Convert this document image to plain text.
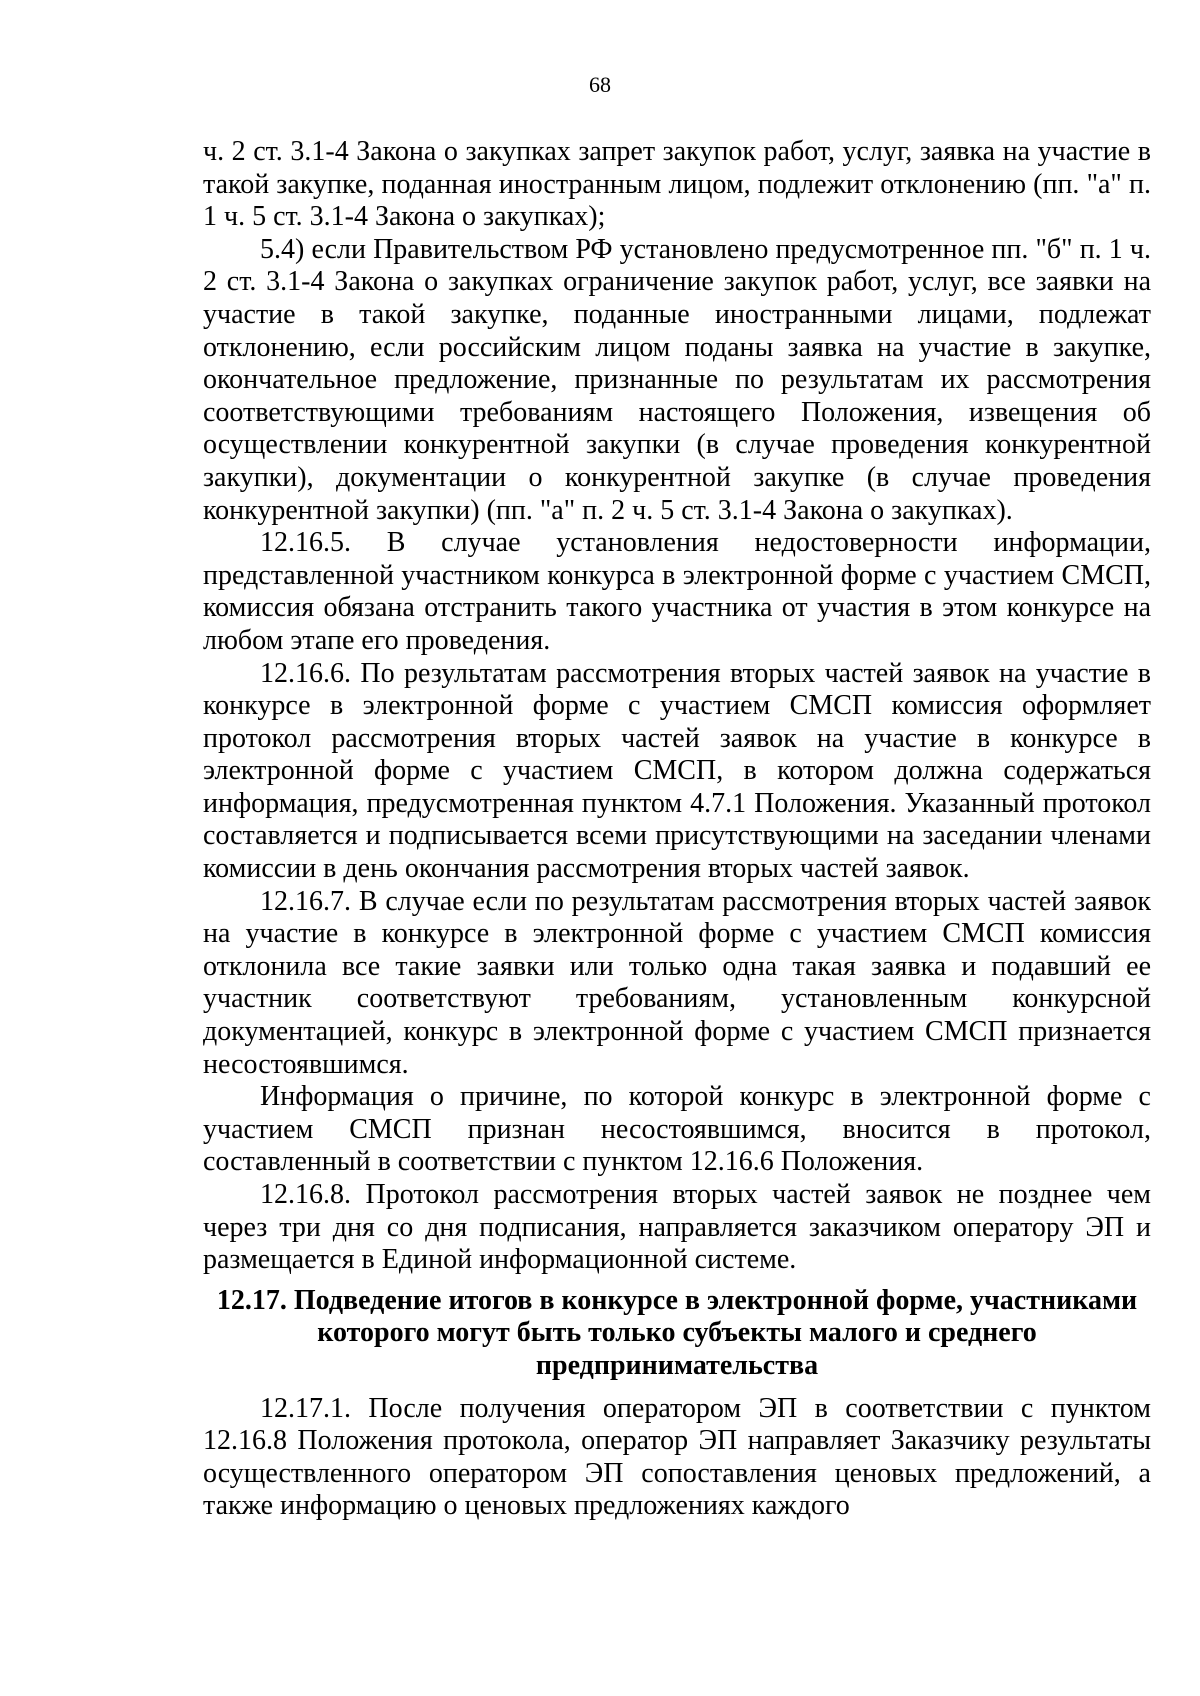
68

ч. 2 ст. 3.1-4 Закона о закупках запрет закупок работ, услуг, заявка на участие в такой закупке, поданная иностранным лицом, подлежит отклонению (пп. "а" п. 1 ч. 5 ст. 3.1-4 Закона о закупках);

5.4) если Правительством РФ установлено предусмотренное пп. "б" п. 1 ч. 2 ст. 3.1-4 Закона о закупках ограничение закупок работ, услуг, все заявки на участие в такой закупке, поданные иностранными лицами, подлежат отклонению, если российским лицом поданы заявка на участие в закупке, окончательное предложение, признанные по результатам их рассмотрения соответствующими требованиям настоящего Положения, извещения об осуществлении конкурентной закупки (в случае проведения конкурентной закупки), документации о конкурентной закупке (в случае проведения конкурентной закупки) (пп. "а" п. 2 ч. 5 ст. 3.1-4 Закона о закупках).

12.16.5. В случае установления недостоверности информации, представленной участником конкурса в электронной форме с участием СМСП, комиссия обязана отстранить такого участника от участия в этом конкурсе на любом этапе его проведения.

12.16.6. По результатам рассмотрения вторых частей заявок на участие в конкурсе в электронной форме с участием СМСП комиссия оформляет протокол рассмотрения вторых частей заявок на участие в конкурсе в электронной форме с участием СМСП, в котором должна содержаться информация, предусмотренная пунктом 4.7.1 Положения. Указанный протокол составляется и подписывается всеми присутствующими на заседании членами комиссии в день окончания рассмотрения вторых частей заявок.

12.16.7. В случае если по результатам рассмотрения вторых частей заявок на участие в конкурсе в электронной форме с участием СМСП комиссия отклонила все такие заявки или только одна такая заявка и подавший ее участник соответствуют требованиям, установленным конкурсной документацией, конкурс в электронной форме с участием СМСП признается несостоявшимся.

Информация о причине, по которой конкурс в электронной форме с участием СМСП признан несостоявшимся, вносится в протокол, составленный в соответствии с пунктом 12.16.6 Положения.

12.16.8. Протокол рассмотрения вторых частей заявок не позднее чем через три дня со дня подписания, направляется заказчиком оператору ЭП и размещается в Единой информационной системе.

12.17. Подведение итогов в конкурсе в электронной форме, участниками которого могут быть только субъекты малого и среднего предпринимательства

12.17.1. После получения оператором ЭП в соответствии с пунктом 12.16.8 Положения протокола, оператор ЭП направляет Заказчику результаты осуществленного оператором ЭП сопоставления ценовых предложений, а также информацию о ценовых предложениях каждого
